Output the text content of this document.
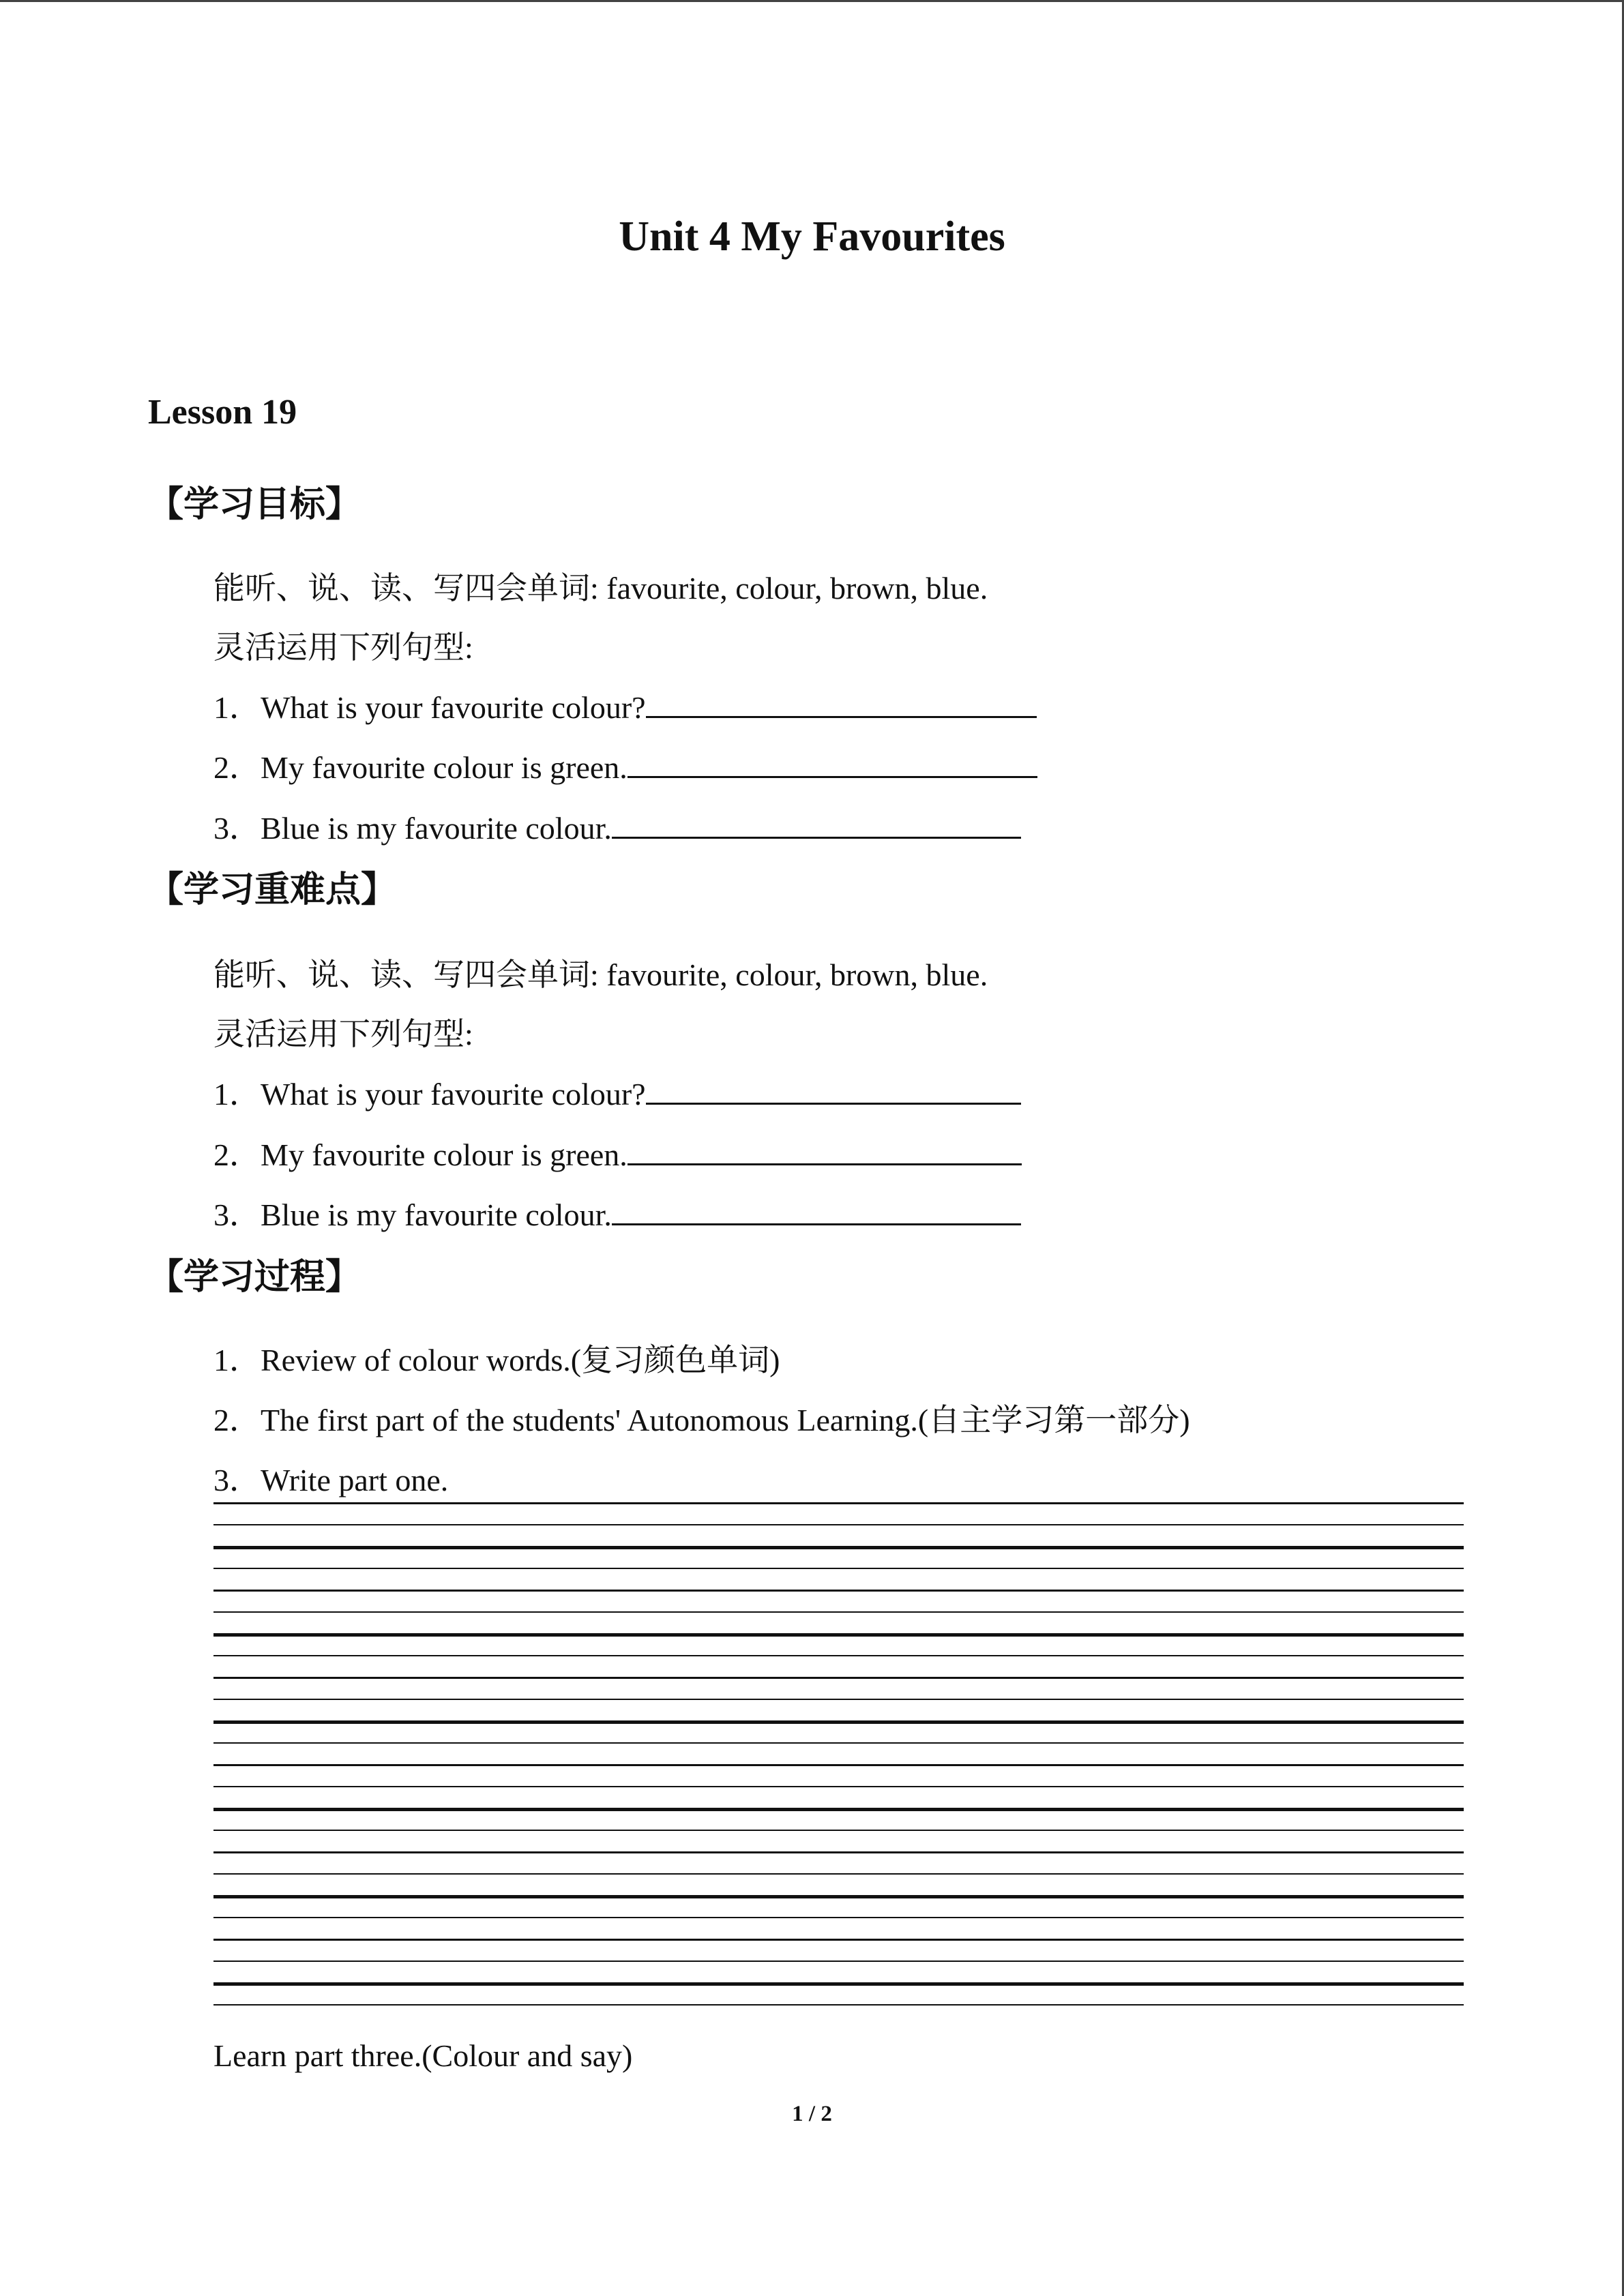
Unit 4 My Favourites
Lesson 19
【学习目标】
能听、说、读、写四会单词: favourite, colour, brown, blue.
灵活运用下列句型:
1．What is your favourite colour?
2．My favourite colour is green.
3．Blue is my favourite colour.
【学习重难点】
能听、说、读、写四会单词: favourite, colour, brown, blue.
灵活运用下列句型:
1．What is your favourite colour?
2．My favourite colour is green.
3．Blue is my favourite colour.
【学习过程】
1．Review of colour words.(复习颜色单词)
2．The first part of the students' Autonomous Learning.(自主学习第一部分)
3．Write part one.
Learn part three.(Colour and say)
1 / 2
